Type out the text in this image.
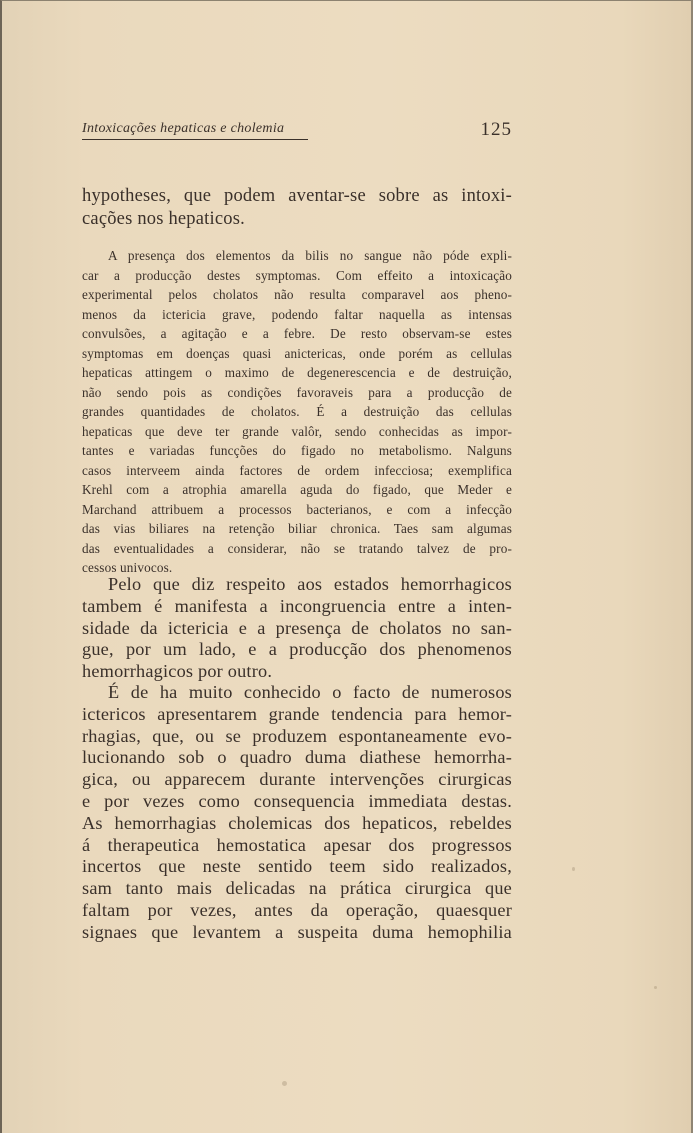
Intoxicações hepaticas e cholemia	125
hypotheses, que podem aventar-se sobre as intoxi-
cações nos hepaticos.
A presença dos elementos da bilis no sangue não póde expli-
car a producção destes symptomas. Com effeito a intoxicação
experimental pelos cholatos não resulta comparavel aos pheno-
menos da ictericia grave, podendo faltar naquella as intensas
convulsões, a agitação e a febre. De resto observam-se estes
symptomas em doenças quasi anictericas, onde porém as cellulas
hepaticas attingem o maximo de degenerescencia e de destruição,
não sendo pois as condições favoraveis para a producção de
grandes quantidades de cholatos. É a destruição das cellulas
hepaticas que deve ter grande valôr, sendo conhecidas as impor-
tantes e variadas funcções do figado no metabolismo. Nalguns
casos interveem ainda factores de ordem infecciosa; exemplifica
Krehl com a atrophia amarella aguda do figado, que Meder e
Marchand attribuem a processos bacterianos, e com a infecção
das vias biliares na retenção biliar chronica. Taes sam algumas
das eventualidades a considerar, não se tratando talvez de pro-
cessos univocos.
Pelo que diz respeito aos estados hemorrhagicos
tambem é manifesta a incongruencia entre a inten-
sidade da ictericia e a presença de cholatos no san-
gue, por um lado, e a producção dos phenomenos
hemorrhagicos por outro.
É de ha muito conhecido o facto de numerosos
ictericos apresentarem grande tendencia para hemor-
rhagias, que, ou se produzem espontaneamente evo-
lucionando sob o quadro duma diathese hemorrha-
gica, ou apparecem durante intervenções cirurgicas
e por vezes como consequencia immediata destas.
As hemorrhagias cholemicas dos hepaticos, rebeldes
á therapeutica hemostatica apesar dos progressos
incertos que neste sentido teem sido realizados,
sam tanto mais delicadas na prática cirurgica que
faltam por vezes, antes da operação, quaesquer
signaes que levantem a suspeita duma hemophilia
